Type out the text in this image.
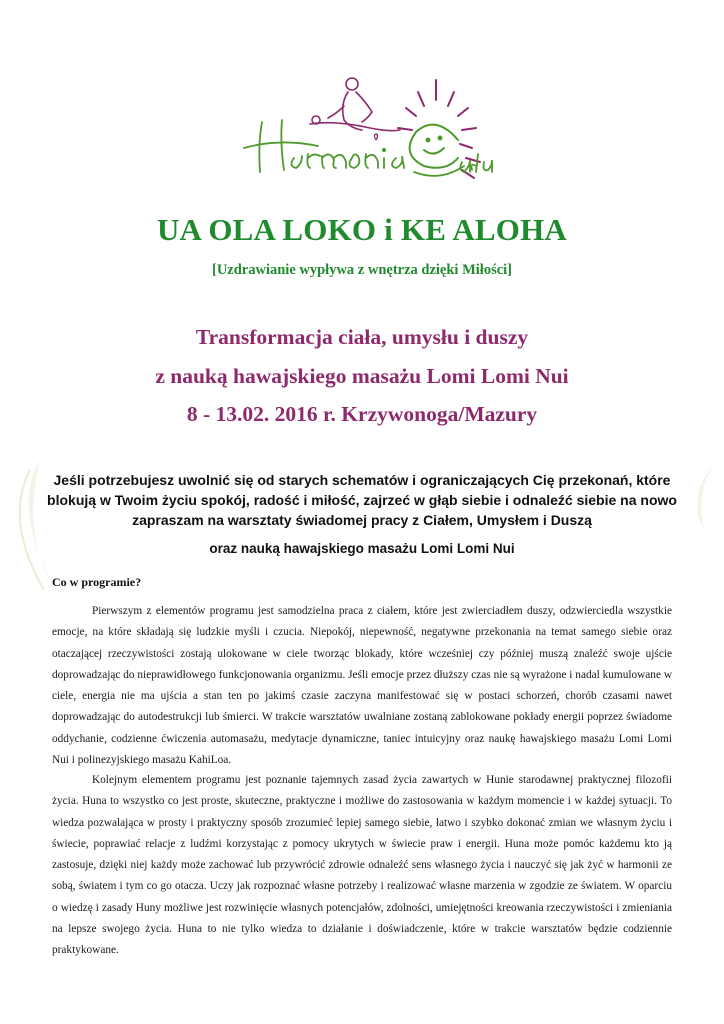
UA OLA LOKO i KE ALOHA
[Uzdrawianie wypływa z wnętrza dzięki Miłości]
Transformacja ciała, umysłu i duszy
z nauką hawajskiego masażu Lomi Lomi Nui
8 - 13.02. 2016 r. Krzywonoga/Mazury
Jeśli potrzebujesz uwolnić się od starych schematów i ograniczających Cię przekonań, które blokują w Twoim życiu spokój, radość i miłość, zajrzeć w głąb siebie i odnaleźć siebie na nowo zapraszam na warsztaty świadomej pracy z Ciałem, Umysłem i Duszą
oraz nauką hawajskiego masażu Lomi Lomi Nui
Co w programie?
Pierwszym z elementów programu jest samodzielna praca z ciałem, które jest zwierciadłem duszy, odzwierciedla wszystkie emocje, na które składają się ludzkie myśli i czucia. Niepokój, niepewność, negatywne przekonania na temat samego siebie oraz otaczającej rzeczywistości zostają ulokowane w ciele tworząc blokady, które wcześniej czy później muszą znaleźć swoje ujście doprowadzając do nieprawidłowego funkcjonowania organizmu. Jeśli emocje przez dłuższy czas nie są wyrażone i nadal kumulowane w ciele, energia nie ma ujścia a stan ten po jakimś czasie zaczyna manifestować się w postaci schorzeń, chorób czasami nawet doprowadzając do autodestrukcji lub śmierci. W trakcie warsztatów uwalniane zostaną zablokowane pokłady energii poprzez świadome oddychanie, codzienne ćwiczenia automasażu, medytacje dynamiczne, taniec intuicyjny oraz naukę hawajskiego masażu Lomi Lomi Nui i polinezyjskiego masażu KahiLoa.
Kolejnym elementem programu jest poznanie tajemnych zasad życia zawartych w Hunie starodawnej praktycznej filozofii życia. Huna to wszystko co jest proste, skuteczne, praktyczne i możliwe do zastosowania w każdym momencie i w każdej sytuacji. To wiedza pozwalająca w prosty i praktyczny sposób zrozumieć lepiej samego siebie, łatwo i szybko dokonać zmian we własnym życiu i świecie, poprawiać relacje z ludźmi korzystając z pomocy ukrytych w świecie praw i energii. Huna może pomóc każdemu kto ją zastosuje, dzięki niej każdy może zachować lub przywrócić zdrowie odnaleźć sens własnego życia i nauczyć się jak żyć w harmonii ze sobą, światem i tym co go otacza. Uczy jak rozpoznać własne potrzeby i realizować własne marzenia w zgodzie ze światem. W oparciu o wiedzę i zasady Huny możliwe jest rozwinięcie własnych potencjałów, zdolności, umiejętności kreowania rzeczywistości i zmieniania na lepsze swojego życia. Huna to nie tylko wiedza to działanie i doświadczenie, które w trakcie warsztatów będzie codziennie praktykowane.
